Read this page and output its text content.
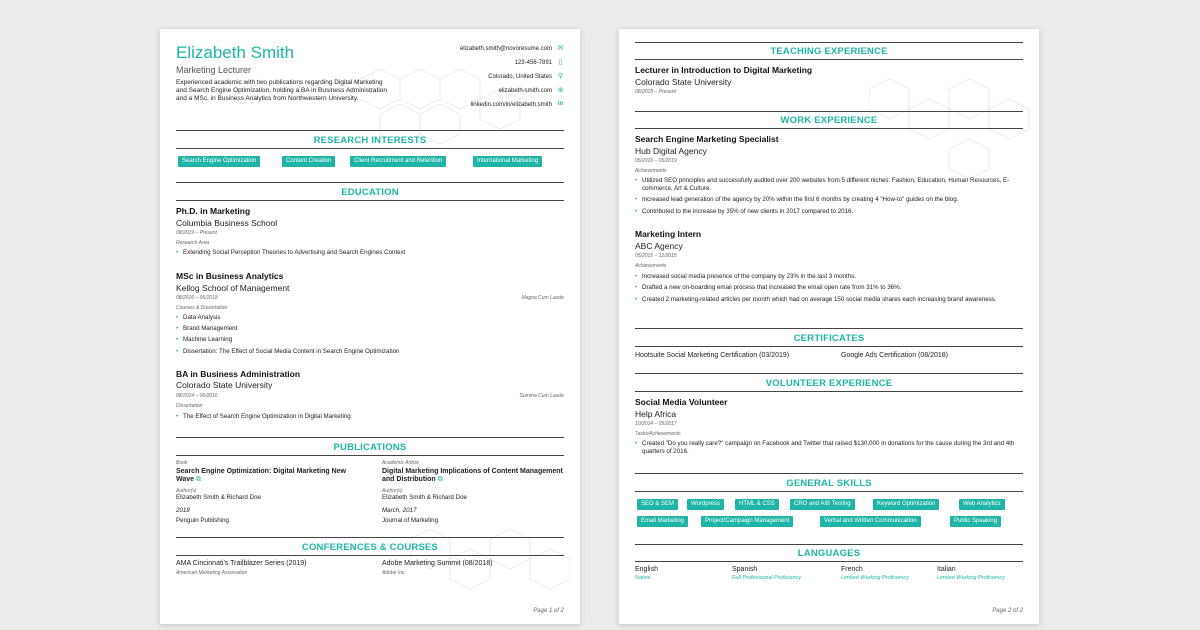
Elizabeth Smith
Marketing Lecturer
Experienced academic with two publications regarding Digital Marketing and Search Engine Optimization, holding a BA in Business Administration and a MSc. in Business Analytics from Northwestern University.
elizabeth.smith@novoresume.com ✉
123-456-7891 ▯
Colorado, United States ⚲
elizabeth-smith.com ⊕
linkedin.com/in/elizabeth.smith in
RESEARCH INTERESTS
Search Engine Optimization	Content Creation	Client Recruitment and Retention	International Marketing
EDUCATION
Ph.D. in Marketing
Columbia Business School
08/2019 – Present
Research Area
• Extending Social Perception Theories to Advertising and Search Engines Context
MSc in Business Analytics
Kellog School of Management
08/2016 – 06/2018	Magna Cum Laude
Courses & Dissertation
• Data Analysis
• Brand Management
• Machine Learning
• Dissertation: The Effect of Social Media Content in Search Engine Optimization
BA in Business Administration
Colorado State University
08/2014 – 06/2016	Summa Cum Laude
Dissertation
• The Effect of Search Engine Optimization in Digital Marketing
PUBLICATIONS
Book
Search Engine Optimization: Digital Marketing New Wave ⧉
Author(s)
Elizabeth Smith & Richard Doe
2018
Penguin Publishing
Academic Article
Digital Marketing Implications of Content Management and Distribution ⧉
Author(s)
Elizabeth Smith & Richard Doe
March, 2017
Journal of Marketing
CONFERENCES & COURSES
AMA Cincinnati's Trailblazer Series (2019)
American Marketing Association
Adobe Marketing Summit (08/2018)
Adobe Inc.
Page 1 of 2
TEACHING EXPERIENCE
Lecturer in Introduction to Digital Marketing
Colorado State University
08/2018 – Present
WORK EXPERIENCE
Search Engine Marketing Specialist
Hub Digital Agency
05/2016 – 05/2019
Achievements
• Utilized SEO principles and successfully audited over 200 websites from 5 different niches: Fashion, Education, Human Resources, E-commerce, Art & Culture.
• Increased lead generation of the agency by 20% within the first 6 months by creating 4 "How-to" guides on the blog.
• Contributed to the increase by 35% of new clients in 2017 compared to 2016.
Marketing Intern
ABC Agency
05/2015 – 12/2015
Achievements
• Increased social media presence of the company by 23% in the last 3 months.
• Drafted a new on-boarding email process that increased the email open rate from 31% to 36%.
• Created 2 marketing-related articles per month which had on average 150 social media shares each increasing brand awareness.
CERTIFICATES
Hootsuite Social Marketing Certification (03/2019)	Google Ads Certification (08/2018)
VOLUNTEER EXPERIENCE
Social Media Volunteer
Help Africa
10/2014 – 05/2017
Tasks/Achievements
• Created "Do you really care?" campaign on Facebook and Twitter that raised $130,000 in donations for the cause during the 3rd and 4th quarters of 2016.
GENERAL SKILLS
SEO & SEM	Wordpress	HTML & CSS	CRO and A/B Testing	Keyword Optimization	Web Analytics
Email Marketing	Project/Campaign Management	Verbal and Written Communication	Public Speaking
LANGUAGES
English
Native
Spanish
Full Professional Proficiency
French
Limited Working Proficiency
Italian
Limited Working Proficiency
Page 2 of 2
